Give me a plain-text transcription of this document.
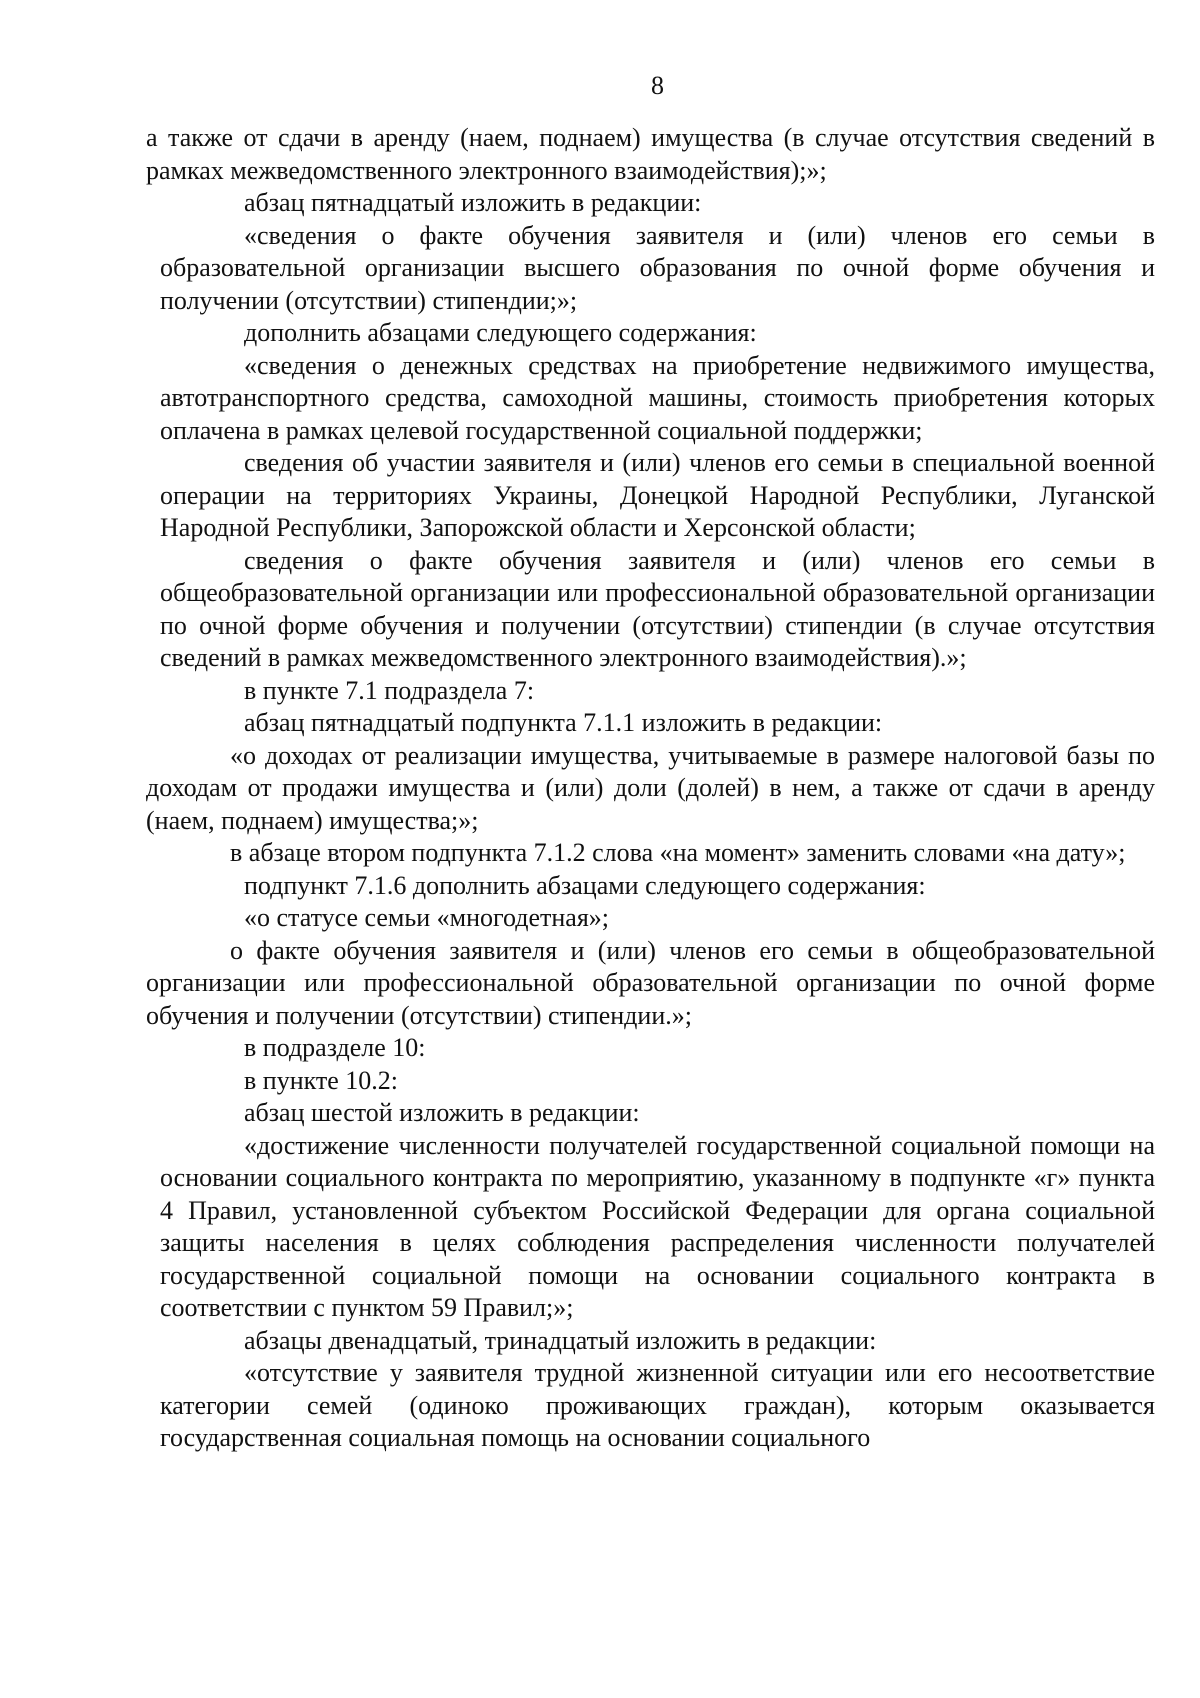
8

а также от сдачи в аренду (наем, поднаем) имущества (в случае отсутствия сведений в рамках межведомственного электронного взаимодействия);»;

абзац пятнадцатый изложить в редакции:

«сведения о факте обучения заявителя и (или) членов его семьи в образовательной организации высшего образования по очной форме обучения и получении (отсутствии) стипендии;»;

дополнить абзацами следующего содержания:

«сведения о денежных средствах на приобретение недвижимого имущества, автотранспортного средства, самоходной машины, стоимость приобретения которых оплачена в рамках целевой государственной социальной поддержки;

сведения об участии заявителя и (или) членов его семьи в специальной военной операции на территориях Украины, Донецкой Народной Республики, Луганской Народной Республики, Запорожской области и Херсонской области;

сведения о факте обучения заявителя и (или) членов его семьи в общеобразовательной организации или профессиональной образовательной организации по очной форме обучения и получении (отсутствии) стипендии (в случае отсутствия сведений в рамках межведомственного электронного взаимодействия).»;

в пункте 7.1 подраздела 7:

абзац пятнадцатый подпункта 7.1.1 изложить в редакции:

«о доходах от реализации имущества, учитываемые в размере налоговой базы по доходам от продажи имущества и (или) доли (долей) в нем, а также от сдачи в аренду (наем, поднаем) имущества;»;

в абзаце втором подпункта 7.1.2 слова «на момент» заменить словами «на дату»;

подпункт 7.1.6 дополнить абзацами следующего содержания:

«о статусе семьи «многодетная»;

о факте обучения заявителя и (или) членов его семьи в общеобразовательной организации или профессиональной образовательной организации по очной форме обучения и получении (отсутствии) стипендии.»;

в подразделе 10:

в пункте 10.2:

абзац шестой изложить в редакции:

«достижение численности получателей государственной социальной помощи на основании социального контракта по мероприятию, указанному в подпункте «г» пункта 4 Правил, установленной субъектом Российской Федерации для органа социальной защиты населения в целях соблюдения распределения численности получателей государственной социальной помощи на основании социального контракта в соответствии с пунктом 59 Правил;»;

абзацы двенадцатый, тринадцатый изложить в редакции:

«отсутствие у заявителя трудной жизненной ситуации или его несоответствие категории семей (одиноко проживающих граждан), которым оказывается государственная социальная помощь на основании социального
